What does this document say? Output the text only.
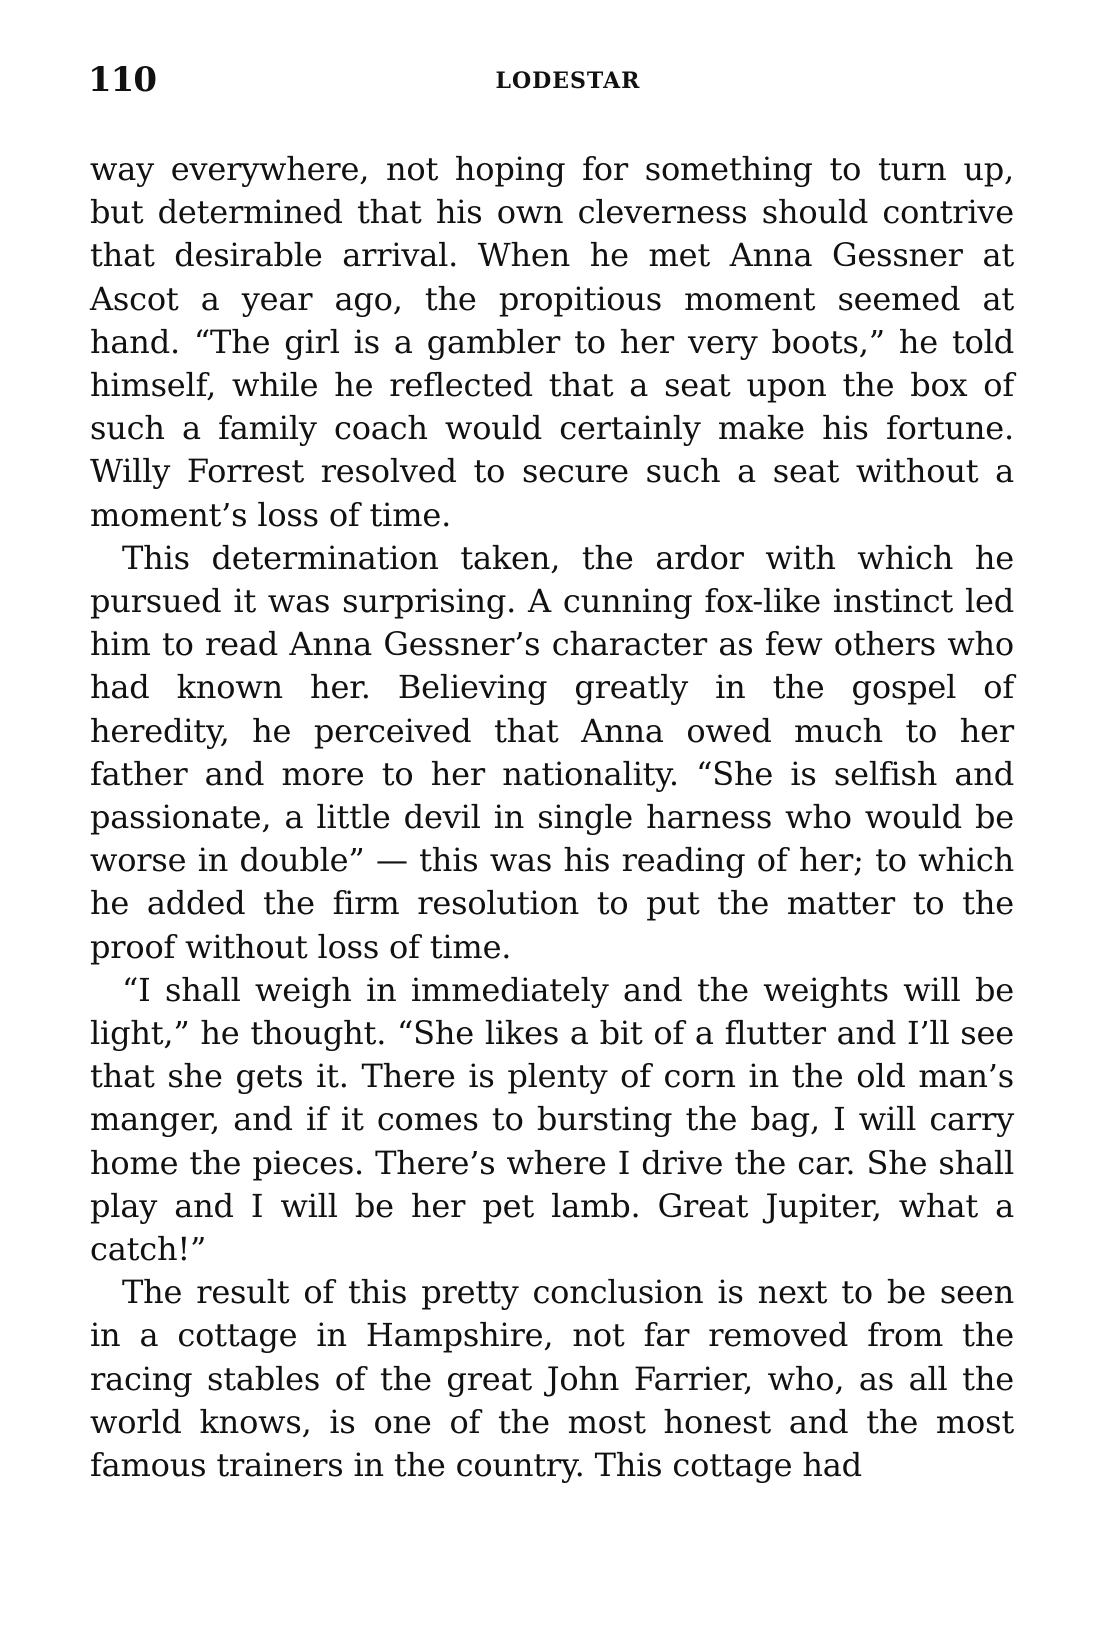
110	LODESTAR

way everywhere, not hoping for something to turn up, but determined that his own cleverness should contrive that desirable arrival. When he met Anna Gessner at Ascot a year ago, the propitious moment seemed at hand. “The girl is a gambler to her very boots,” he told himself, while he reflected that a seat upon the box of such a family coach would certainly make his fortune. Willy Forrest resolved to secure such a seat without a moment’s loss of time.

This determination taken, the ardor with which he pursued it was surprising. A cunning fox-like instinct led him to read Anna Gessner’s character as few others who had known her. Believing greatly in the gospel of heredity, he perceived that Anna owed much to her father and more to her nationality. “She is selfish and passionate, a little devil in single harness who would be worse in double” — this was his reading of her; to which he added the firm resolution to put the matter to the proof without loss of time.

“I shall weigh in immediately and the weights will be light,” he thought. “She likes a bit of a flutter and I’ll see that she gets it. There is plenty of corn in the old man’s manger, and if it comes to bursting the bag, I will carry home the pieces. There’s where I drive the car. She shall play and I will be her pet lamb. Great Jupiter, what a catch!”

The result of this pretty conclusion is next to be seen in a cottage in Hampshire, not far removed from the racing stables of the great John Farrier, who, as all the world knows, is one of the most honest and the most famous trainers in the country. This cottage had
